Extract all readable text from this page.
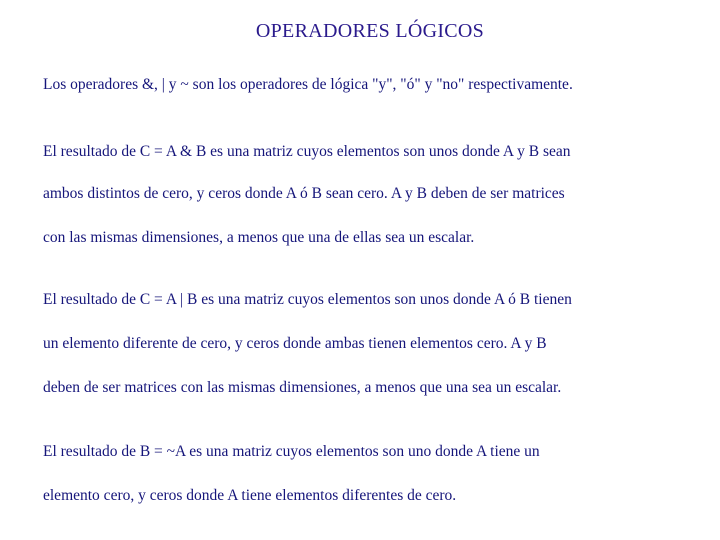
OPERADORES LÓGICOS
Los operadores &, | y ~ son los operadores de lógica "y", "ó" y "no" respectivamente.
El resultado de C = A & B es una matriz cuyos elementos son unos donde A y B sean
ambos distintos de cero, y ceros donde A ó B sean cero. A y B deben de ser matrices
con las mismas dimensiones, a menos que una de ellas sea un escalar.
El resultado de C = A | B es una matriz cuyos elementos son unos donde A ó B tienen
un elemento diferente de cero, y ceros donde ambas tienen elementos cero. A y B
deben de ser matrices con las mismas dimensiones, a menos que una sea un escalar.
El resultado de B = ~A es una matriz cuyos elementos son uno donde A tiene un
elemento cero, y ceros donde A tiene elementos diferentes de cero.
